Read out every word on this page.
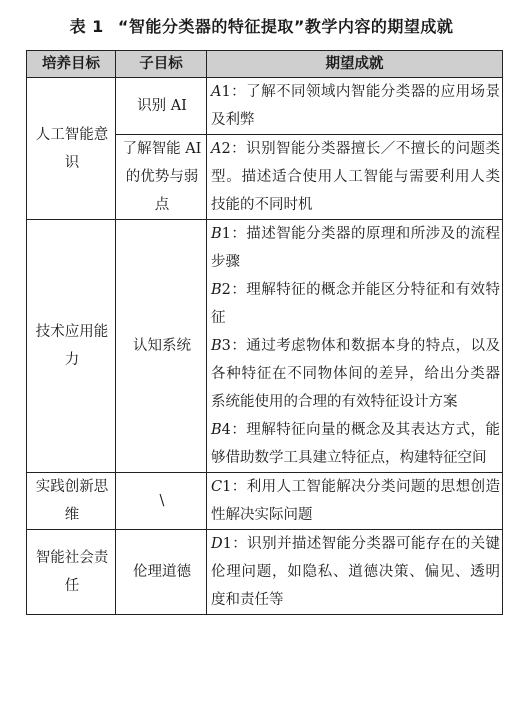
表 1 “智能分类器的特征提取”教学内容的期望成就
培养目标	子目标	期望成就
人工智能意识	识别 AI	A1：了解不同领域内智能分类器的应用场景及利弊

	了解智能 AI 的优势与弱点	A2：识别智能分类器擅长／不擅长的问题类型。描述适合使用人工智能与需要利用人类技能的不同时机

技术应用能力	认知系统	B1：描述智能分类器的原理和所涉及的流程步骤

B2：理解特征的概念并能区分特征和有效特征

B3：通过考虑物体和数据本身的特点，以及各种特征在不同物体间的差异，给出分类器系统能使用的合理的有效特征设计方案

B4：理解特征向量的概念及其表达方式，能够借助数学工具建立特征点，构建特征空间

实践创新思维	\	C1：利用人工智能解决分类问题的思想创造性解决实际问题

智能社会责任	伦理道德	D1：识别并描述智能分类器可能存在的关键伦理问题，如隐私、道德决策、偏见、透明度和责任等
